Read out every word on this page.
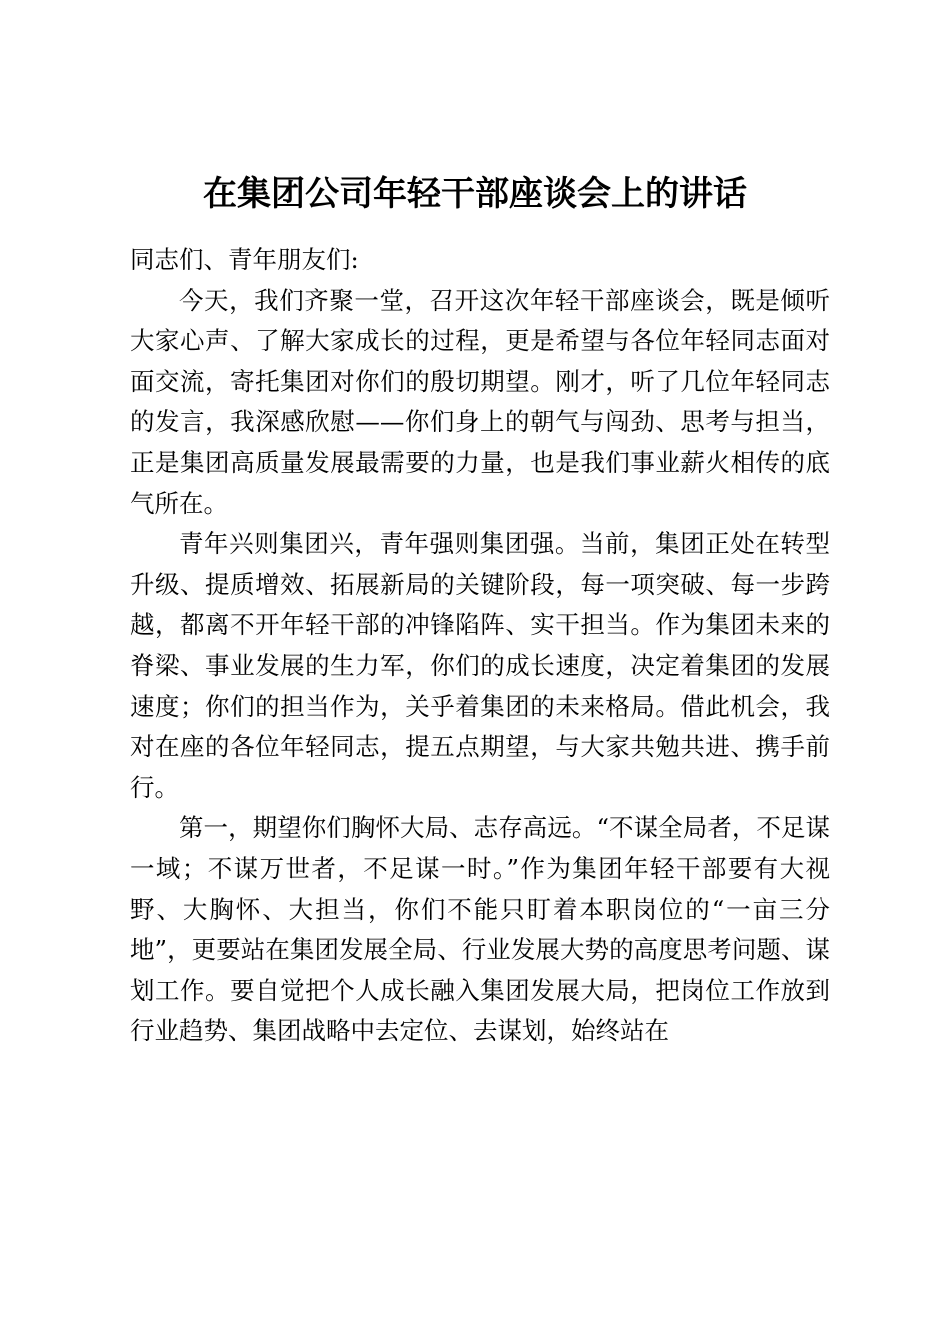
在集团公司年轻干部座谈会上的讲话

同志们、青年朋友们:

今天，我们齐聚一堂，召开这次年轻干部座谈会，既是倾听大家心声、了解大家成长的过程，更是希望与各位年轻同志面对面交流，寄托集团对你们的殷切期望。刚才，听了几位年轻同志的发言，我深感欣慰——你们身上的朝气与闯劲、思考与担当，正是集团高质量发展最需要的力量，也是我们事业薪火相传的底气所在。

青年兴则集团兴，青年强则集团强。当前，集团正处在转型升级、提质增效、拓展新局的关键阶段，每一项突破、每一步跨越，都离不开年轻干部的冲锋陷阵、实干担当。作为集团未来的脊梁、事业发展的生力军，你们的成长速度，决定着集团的发展速度；你们的担当作为，关乎着集团的未来格局。借此机会，我对在座的各位年轻同志，提五点期望，与大家共勉共进、携手前行。

第一，期望你们胸怀大局、志存高远。“不谋全局者，不足谋一域；不谋万世者，不足谋一时。”作为集团年轻干部要有大视野、大胸怀、大担当，你们不能只盯着本职岗位的“一亩三分地”，更要站在集团发展全局、行业发展大势的高度思考问题、谋划工作。要自觉把个人成长融入集团发展大局，把岗位工作放到行业趋势、集团战略中去定位、去谋划，始终站在
